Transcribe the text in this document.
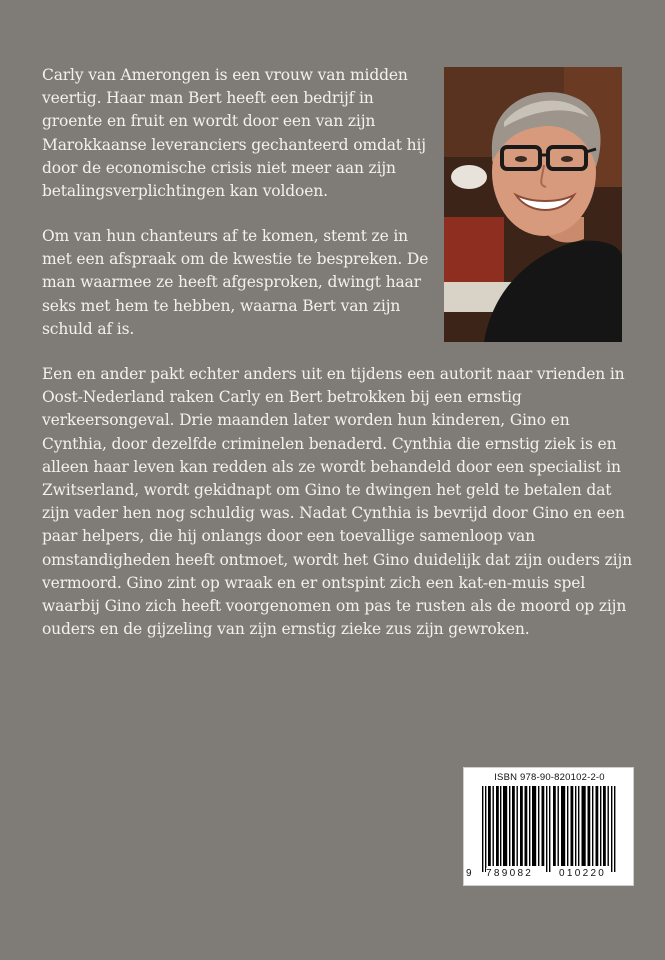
Carly van Amerongen is een vrouw van midden veertig. Haar man Bert heeft een bedrijf in groente en fruit en wordt door een van zijn Marokkaanse leveranciers gechanteerd omdat hij door de economische crisis niet meer aan zijn betalingsverplichtingen kan voldoen.

Om van hun chanteurs af te komen, stemt ze in met een afspraak om de kwestie te bespreken. De man waarmee ze heeft afgesproken, dwingt haar seks met hem te hebben, waarna Bert van zijn schuld af is.

Een en ander pakt echter anders uit en tijdens een autorit naar vrienden in Oost-Nederland raken Carly en Bert betrokken bij een ernstig verkeersongeval. Drie maanden later worden hun kinderen, Gino en Cynthia, door dezelfde criminelen benaderd. Cynthia die ernstig ziek is en alleen haar leven kan redden als ze wordt behandeld door een specialist in Zwitserland, wordt gekidnapt om Gino te dwingen het geld te betalen dat zijn vader hen nog schuldig was. Nadat Cynthia is bevrijd door Gino en een paar helpers, die hij onlangs door een toevallige samenloop van omstandigheden heeft ontmoet, wordt het Gino duidelijk dat zijn ouders zijn vermoord. Gino zint op wraak en er ontspint zich een kat-en-muis spel waarbij Gino zich heeft voorgenomen om pas te rusten als de moord op zijn ouders en de gijzeling van zijn ernstig zieke zus zijn gewroken.

ISBN 978-90-820102-2-0
9 789082	010220
